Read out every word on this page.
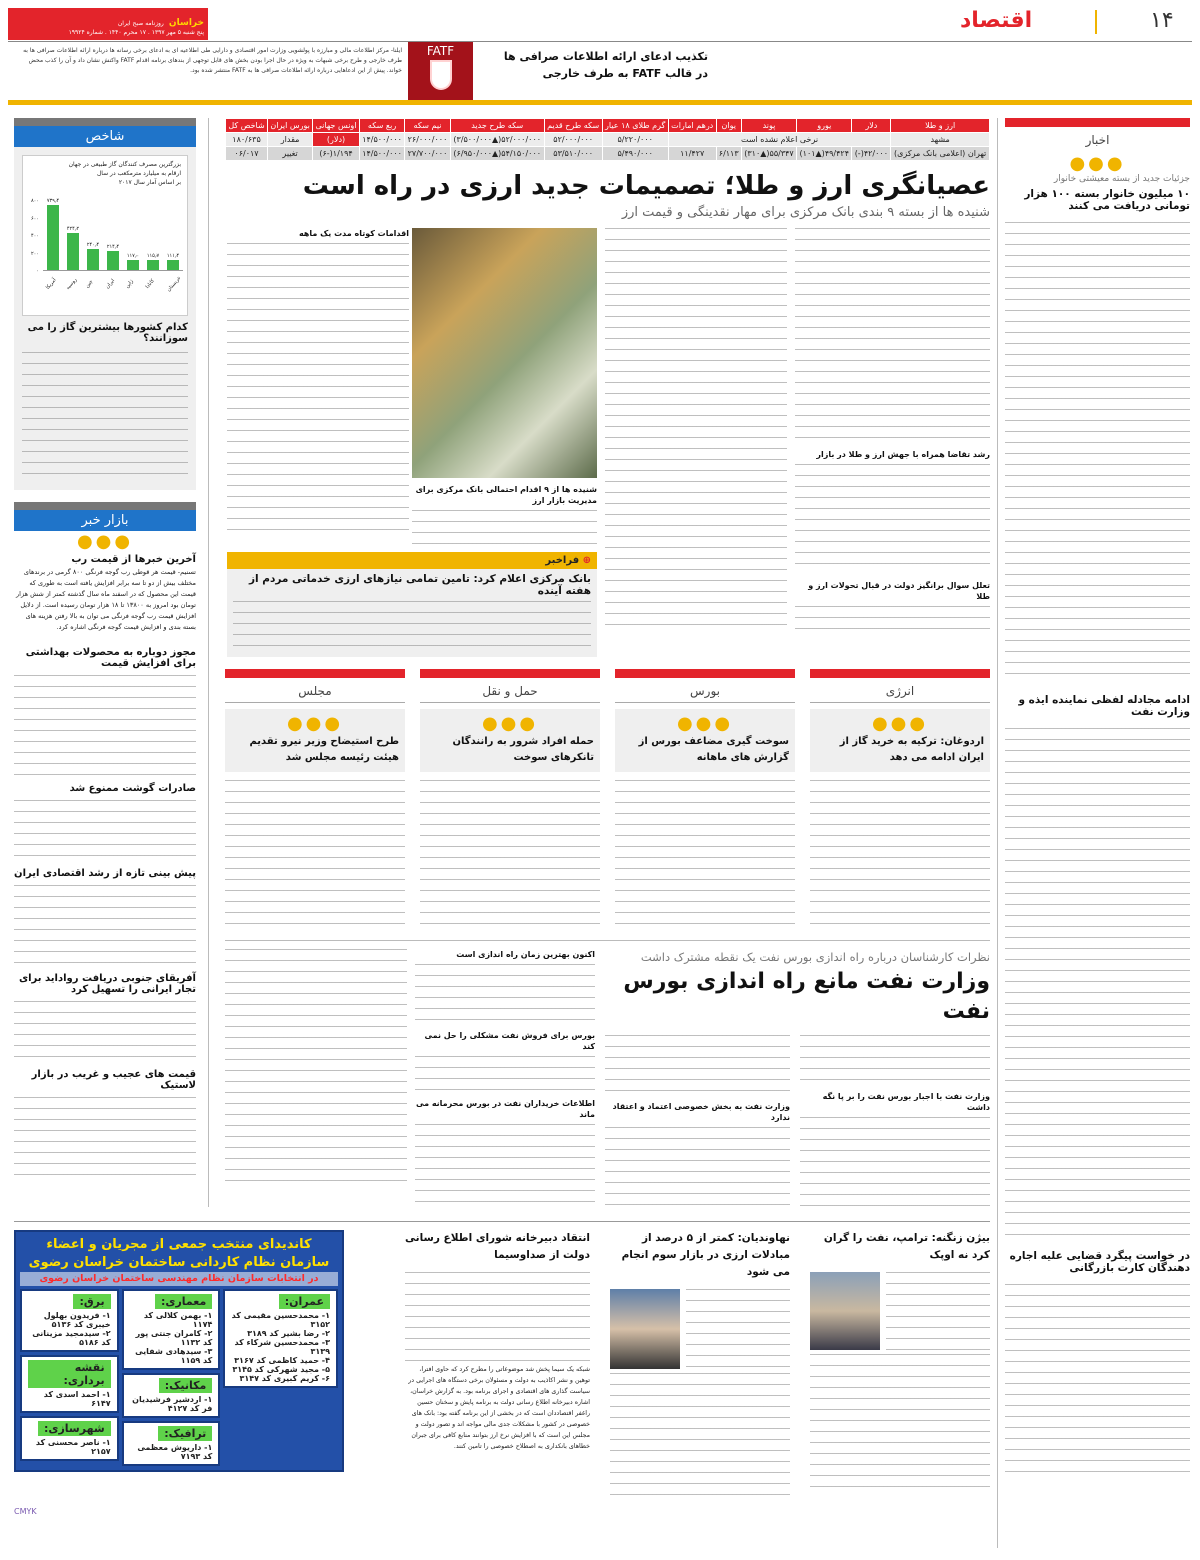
۱۴
اقتصاد
خراسان روزنامه صبح ایران
پنج شنبه ۵ مهر ۱۳۹۷ . ۱۷ محرم ۱۴۴۰ . شماره ۱۹۹۲۴
تکذیب ادعای ارائه اطلاعات صرافی ها
در قالب FATF به طرف خارجی
FATF
ایلنا- مرکز اطلاعات مالی و مبارزه با پولشویی وزارت امور اقتصادی و دارایی طی اطلاعیه ای به ادعای برخی رسانه ها درباره ارائه اطلاعات صرافی ها به طرف خارجی و طرح برخی شبهات به ویژه در حال اجرا بودن بخش های قابل توجهی از بندهای برنامه اقدام FATF واکنش نشان داد و آن را کذب محض خواند. پیش از این ادعاهایی درباره ارائه اطلاعات صرافی ها به FATF منتشر شده بود.
اخبار
●●●
جزئیات جدید از بسته معیشتی خانوار
۱۰ میلیون خانوار بسته ۱۰۰ هزار تومانی دریافت می کنند
ادامه مجادله لفظی نماینده ایذه و وزارت نفت
در خواست پیگرد قضایی علیه اجاره دهندگان کارت بازرگانی
شاخص
بزرگترین مصرف کنندگان گاز طبیعی در جهان
ارقام به میلیارد مترمکعب در سال
بر اساس آمار سال ۲۰۱۷
۰
۲۰۰
۴۰۰
۶۰۰
۸۰۰	۷۳۹٫۴
۴۲۴٫۲
۲۴۰٫۴	۲۱۴٫۴
۱۱۷٫۰	۱۱۵٫۷	۱۱۱٫۴
آمریکا روسیه چین ایران ژاپن کانادا عربستان
کدام کشورها بیشترین گاز را می سوزانند؟
بازار خبر
●●●
آخرین خبرها از قیمت رب
تسنیم- قیمت هر قوطی رب گوجه فرنگی ۸۰۰ گرمی در برندهای مختلف بیش از دو تا سه برابر افزایش یافته است به طوری که قیمت این محصول که در اسفند ماه سال گذشته کمتر از شش هزار تومان بود امروز به ۱۳۸۰۰ تا ۱۸ هزار تومان رسیده است. از دلایل افزایش قیمت رب گوجه فرنگی می توان به بالا رفتن هزینه های بسته بندی و افزایش قیمت گوجه فرنگی اشاره کرد.
مجوز دوباره به محصولات بهداشتی برای افزایش قیمت
صادرات گوشت ممنوع شد
پیش بینی تازه از رشد اقتصادی ایران
آفریقای جنوبی دریافت رواداید برای تجار ایرانی را تسهیل کرد
قیمت های عجیب و غریب در بازار لاستیک
ارز و طلا	دلار	یورو	پوند	یوان	درهم امارات	گرم طلای ۱۸ عیار	سکه طرح قدیم	سکه طرح جدید	نیم سکه	ربع سکه	اونس جهانی	بورس ایران	شاخص کل
مشهد	نرخی اعلام نشده است					۵/۲۲۰/۰۰۰	۵۲/۰۰۰/۰۰۰	۵۲/۰۰۰/۰۰۰(▲۳/۵۰۰/۰۰۰)	۲۶/۰۰۰/۰۰۰	۱۴/۵۰۰/۰۰۰	(دلار)	مقدار	۱۸۰/۶۳۵
تهران (اعلامی بانک مرکزی)	۴۲/۰۰۰(-)	۴۹/۴۲۴(▲۱۰۱)	۵۵/۳۴۷(▲۳۱۰)	۶/۱۱۳	۱۱/۴۲۷	۵/۴۹۰/۰۰۰	۵۳/۵۱۰/۰۰۰	۵۴/۱۵۰/۰۰۰(▲۶/۹۵۰/۰۰۰)	۲۷/۷۰۰/۰۰۰	۱۴/۵۰۰/۰۰۰	۱/۱۹۴(-۶)	تغییر	۰۶/۰۱۷
عصیانگری ارز و طلا؛ تصمیمات جدید ارزی در راه است
شنیده ها از بسته ۹ بندی بانک مرکزی برای مهار نقدینگی و قیمت ارز
رشد تقاضا همراه با جهش ارز و طلا در بازار
تعلل سوال برانگیز دولت در قبال تحولات ارز و طلا
شنیده ها از ۹ اقدام احتمالی بانک مرکزی برای مدیریت بازار ارز
اقدامات کوتاه مدت یک ماهه
⊕ فراخبر
بانک مرکزی اعلام کرد: تامین تمامی نیازهای ارزی خدماتی مردم از هفته آینده
انرژی
●●●
اردوغان: ترکیه به خرید گاز از ایران ادامه می دهد
بورس
●●●
سوخت گیری مضاعف بورس از گزارش های ماهانه
حمل و نقل
●●●
حمله افراد شرور به رانندگان تانکرهای سوخت
مجلس
●●●
طرح استیضاح وزیر نیرو تقدیم هیئت رئیسه مجلس شد
نظرات کارشناسان درباره راه اندازی بورس نفت یک نقطه مشترک داشت
وزارت نفت مانع راه اندازی بورس نفت
وزارت نفت با اجبار بورس نفت را بر پا نگه داشت
وزارت نفت به بخش خصوصی اعتماد و اعتقاد ندارد
اکنون بهترین زمان راه اندازی است
بورس برای فروش نفت مشکلی را حل نمی کند
اطلاعات خریداران نفت در بورس محرمانه می ماند
کاندیدای منتخب جمعی از مجریان و اعضاء
سازمان نظام کاردانی ساختمان خراسان رضوی
در انتخابات سازمان نظام مهندسی ساختمان خراسان رضوی
عمران:
۱- محمدحسین مقیمی کد ۳۱۵۲
۲- رضا بشیر کد ۳۱۸۹
۳- محمدحسین شرکاء کد ۳۱۳۹
۴- حمید کاظمی کد ۳۱۶۷
۵- مجید شهرکی کد ۳۱۴۵
۶- کریم کبیری کد ۳۱۴۷
معماری:
۱- بهمن کلالی کد ۱۱۷۴
۲- کامران جنتی پور کد ۱۱۳۲
۳- سیدهادی شفایی کد ۱۱۵۹
مکانیک:
۱- اردشیر فرشیدیان فر کد ۴۱۲۷
ترافیک:
۱- داریوش معظمی کد ۷۱۹۳
برق:
۱- فریدون بهلول خیبری کد ۵۱۳۶
۲- سیدمجید مزینانی کد ۵۱۸۶
نقشه برداری:
۱- احمد اسدی کد ۶۱۴۷
شهرسازی:
۱- ناصر محسنی کد ۲۱۵۷
بیژن زنگنه: ترامپ، نفت را گران کرد نه اوپک
نهاوندیان: کمتر از ۵ درصد از مبادلات ارزی در بازار سوم انجام می شود
انتقاد دبیرخانه شورای اطلاع رسانی دولت از صداوسیما
شبکه یک سیما پخش شد موضوعاتی را مطرح کرد که حاوی افترا، توهین و نشر اکاذیب به دولت و مسئولان برخی دستگاه های اجرایی در سیاست گذاری های اقتصادی و اجرای برنامه بود. به گزارش خراسان، اشاره دبیرخانه اطلاع رسانی دولت به برنامه پایش و سخنان حسین راغفر اقتصاددان است که در بخشی از این برنامه گفته بود: بانک های خصوصی در کشور با مشکلات جدی مالی مواجه اند و تصور دولت و مجلس این است که با افزایش نرخ ارز بتوانند منابع کافی برای جبران خطاهای بانکداری به اصطلاح خصوصی را تامین کنند.
CMYK
